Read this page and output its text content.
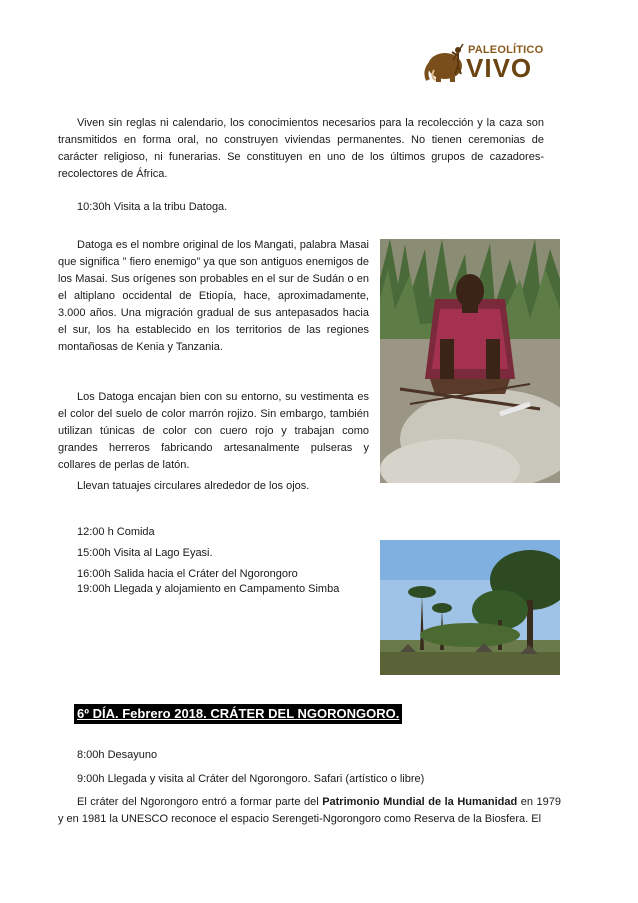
PALEOLÍTICO
VIVO

Viven sin reglas ni calendario, los conocimientos necesarios para la recolección y la caza son transmitidos en forma oral, no construyen viviendas permanentes. No tienen ceremonias de carácter religioso, ni funerarias. Se constituyen en uno de los últimos grupos de cazadores-recolectores de África.

10:30h Visita a la tribu Datoga.

Datoga es el nombre original de los Mangati, palabra Masai que significa ” fiero enemigo” ya que son antiguos enemigos de los Masai. Sus orígenes son probables en el sur de Sudán o en el altiplano occidental de Etiopía, hace, aproximadamente, 3.000 años. Una migración gradual de sus antepasados hacia el sur, los ha establecido en los territorios de las regiones montañosas de Kenia y Tanzania.

Los Datoga encajan bien con su entorno, su vestimenta es el color del suelo de color marrón rojizo. Sin embargo, también utilizan túnicas de color con cuero rojo y trabajan como grandes herreros fabricando artesanalmente pulseras y collares de perlas de latón.

Llevan tatuajes circulares alrededor de los ojos.
12:00 h Comida
15:00h Visita al Lago Eyasi.
16:00h Salida hacia el Cráter del Ngorongoro
19:00h Llegada y alojamiento en Campamento Simba
6º DÍA. Febrero 2018. CRÁTER DEL NGORONGORO.
8:00h Desayuno
9:00h Llegada y visita al Cráter del Ngorongoro. Safari (artístico o libre)

El cráter del Ngorongoro entró a formar parte del Patrimonio Mundial de la Humanidad en 1979 y en 1981 la UNESCO reconoce el espacio Serengeti-Ngorongoro como Reserva de la Biosfera. El
